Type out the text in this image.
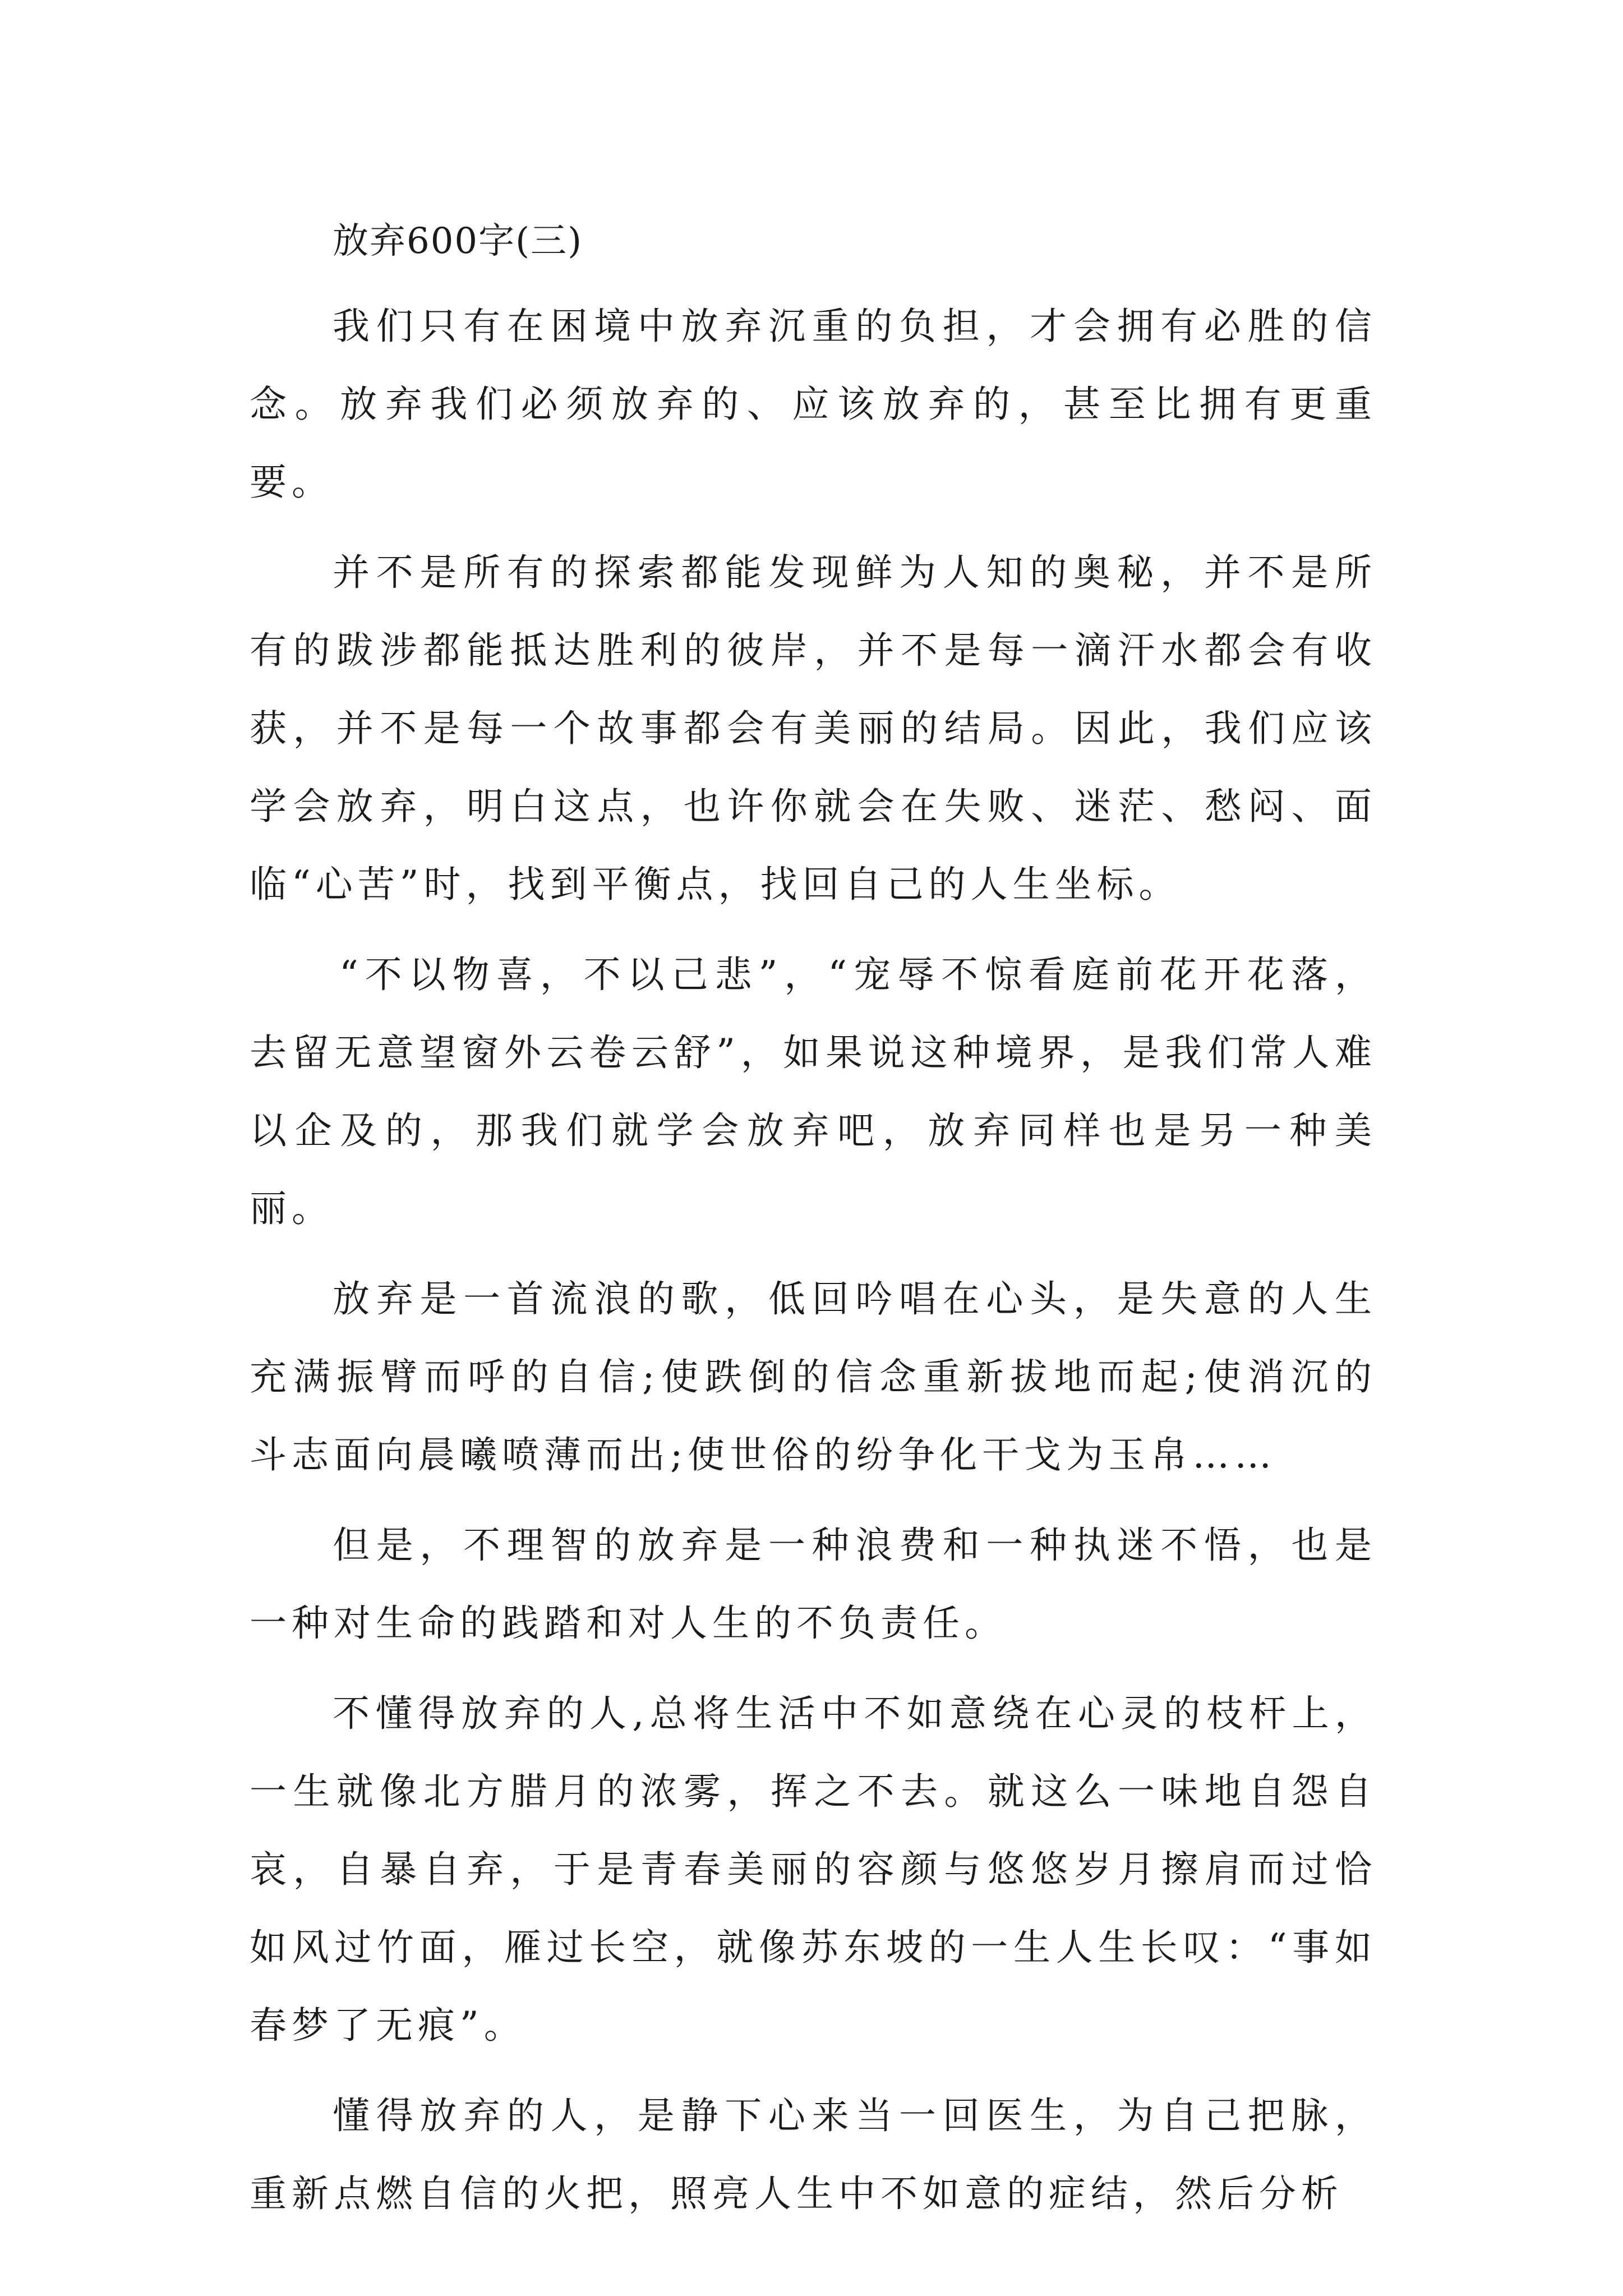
放弃600字(三)

我们只有在困境中放弃沉重的负担，才会拥有必胜的信念。放弃我们必须放弃的、应该放弃的，甚至比拥有更重要。

并不是所有的探索都能发现鲜为人知的奥秘，并不是所有的跋涉都能抵达胜利的彼岸，并不是每一滴汗水都会有收获，并不是每一个故事都会有美丽的结局。因此，我们应该学会放弃，明白这点，也许你就会在失败、迷茫、愁闷、面临“心苦”时，找到平衡点，找回自己的人生坐标。

“不以物喜，不以己悲”，“宠辱不惊看庭前花开花落，去留无意望窗外云卷云舒”，如果说这种境界，是我们常人难以企及的，那我们就学会放弃吧，放弃同样也是另一种美丽。

放弃是一首流浪的歌，低回吟唱在心头，是失意的人生充满振臂而呼的自信;使跌倒的信念重新拔地而起;使消沉的斗志面向晨曦喷薄而出;使世俗的纷争化干戈为玉帛……

但是，不理智的放弃是一种浪费和一种执迷不悟，也是一种对生命的践踏和对人生的不负责任。

不懂得放弃的人,总将生活中不如意绕在心灵的枝杆上，一生就像北方腊月的浓雾，挥之不去。就这么一味地自怨自哀，自暴自弃，于是青春美丽的容颜与悠悠岁月擦肩而过恰如风过竹面，雁过长空，就像苏东坡的一生人生长叹：“事如春梦了无痕”。

懂得放弃的人，是静下心来当一回医生，为自己把脉，重新点燃自信的火把，照亮人生中不如意的症结，然后分析
